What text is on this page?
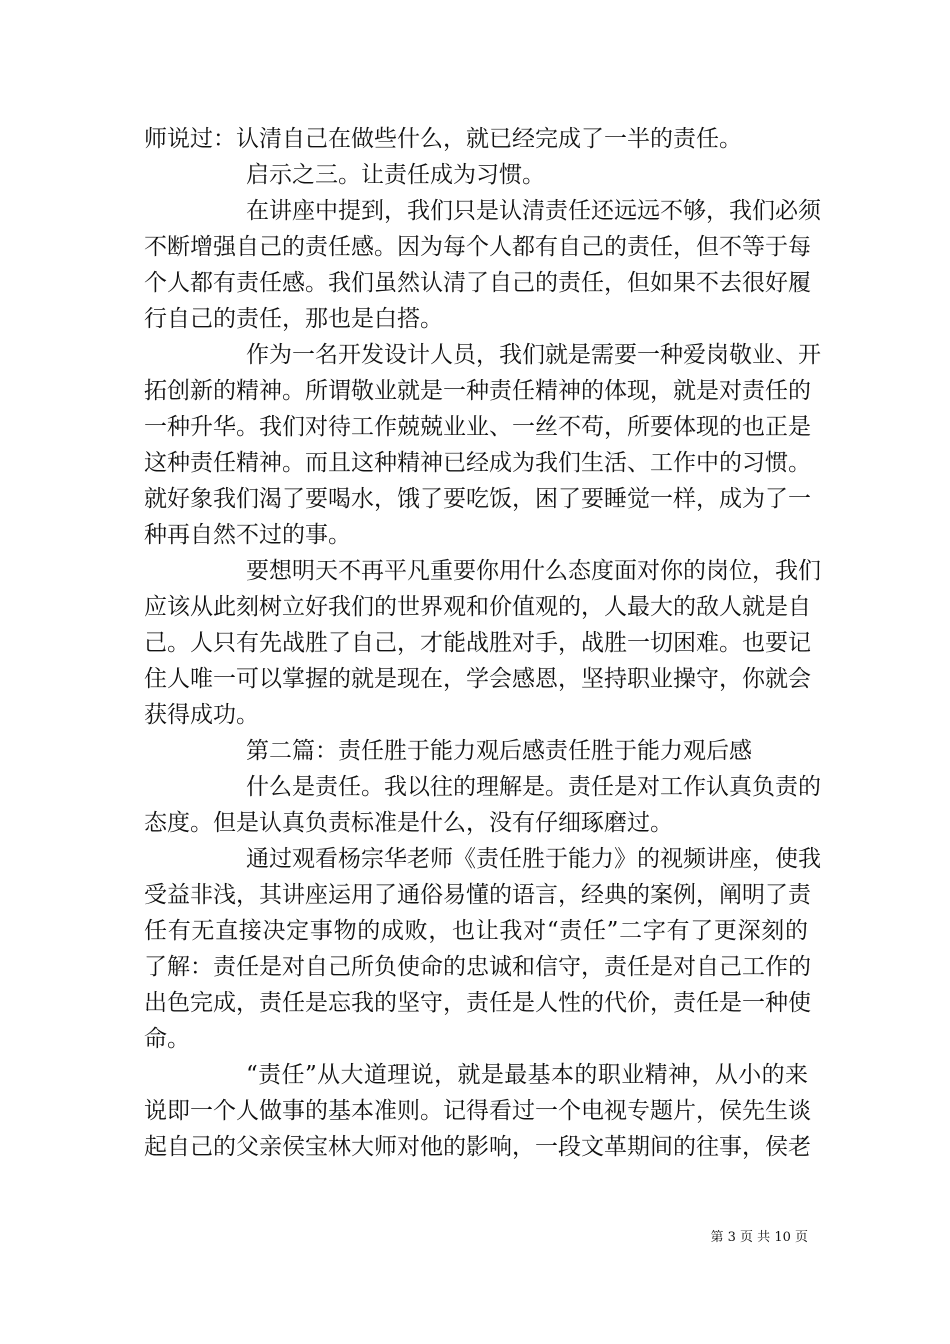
师说过：认清自己在做些什么，就已经完成了一半的责任。
启示之三。让责任成为习惯。
在讲座中提到，我们只是认清责任还远远不够，我们必须
不断增强自己的责任感。因为每个人都有自己的责任，但不等于每
个人都有责任感。我们虽然认清了自己的责任，但如果不去很好履
行自己的责任，那也是白搭。
作为一名开发设计人员，我们就是需要一种爱岗敬业、开
拓创新的精神。所谓敬业就是一种责任精神的体现，就是对责任的
一种升华。我们对待工作兢兢业业、一丝不苟，所要体现的也正是
这种责任精神。而且这种精神已经成为我们生活、工作中的习惯。
就好象我们渴了要喝水，饿了要吃饭，困了要睡觉一样，成为了一
种再自然不过的事。
要想明天不再平凡重要你用什么态度面对你的岗位，我们
应该从此刻树立好我们的世界观和价值观的，人最大的敌人就是自
己。人只有先战胜了自己，才能战胜对手，战胜一切困难。也要记
住人唯一可以掌握的就是现在，学会感恩，坚持职业操守，你就会
获得成功。
第二篇：责任胜于能力观后感责任胜于能力观后感
什么是责任。我以往的理解是。责任是对工作认真负责的
态度。但是认真负责标准是什么，没有仔细琢磨过。
通过观看杨宗华老师《责任胜于能力》的视频讲座，使我
受益非浅，其讲座运用了通俗易懂的语言，经典的案例，阐明了责
任有无直接决定事物的成败，也让我对“责任”二字有了更深刻的
了解：责任是对自己所负使命的忠诚和信守，责任是对自己工作的
出色完成，责任是忘我的坚守，责任是人性的代价，责任是一种使
命。
“责任”从大道理说，就是最基本的职业精神，从小的来
说即一个人做事的基本准则。记得看过一个电视专题片，侯先生谈
起自己的父亲侯宝林大师对他的影响，一段文革期间的往事，侯老
第 3 页 共 10 页
